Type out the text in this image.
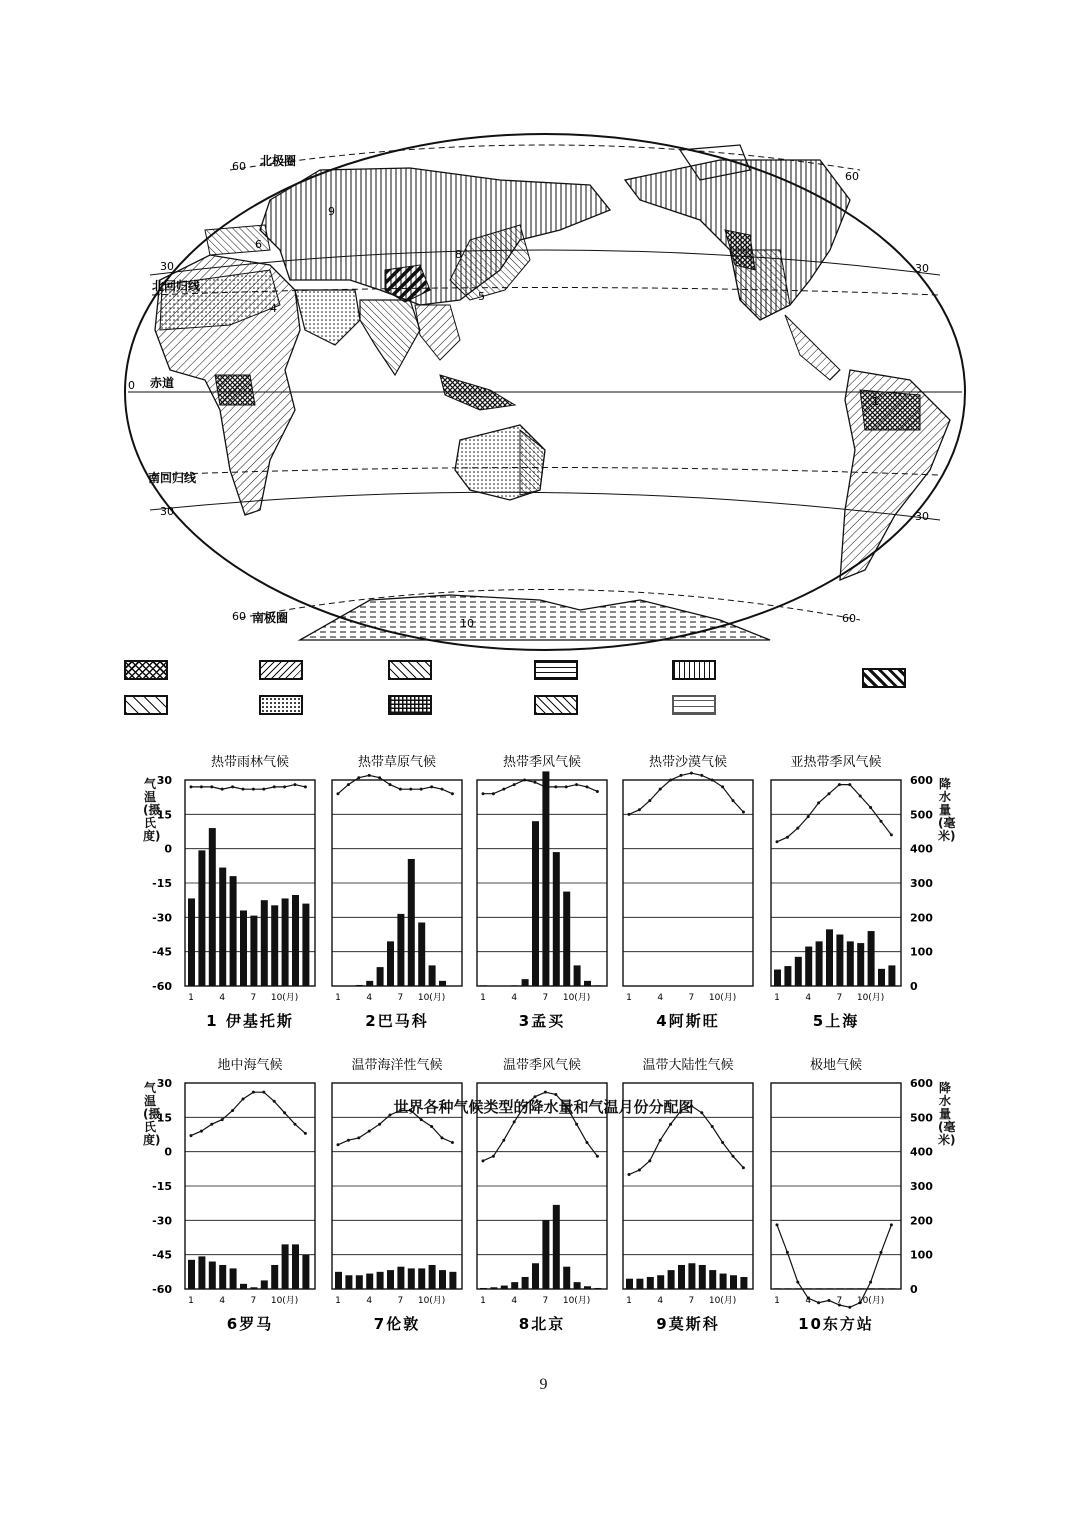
北极圈
北回归线
赤道
南回归线
南极圈
30	30
30	30
60
60
60	60
0
1
4
5
6
8
9
10
热带雨林气候
1	4	7 10(月)
1 伊基托斯
热带草原气候
1	4	7 10(月)
2巴马科
热带季风气候
1	4	7 10(月)
3孟买
热带沙漠气候
1	4	7 10(月)
4阿斯旺
亚热带季风气候
1	4	7 10(月)
5上海
地中海气候
1	4	7 10(月)
6罗马
温带海洋性气候
1	4	7 10(月)
7伦敦
温带季风气候
1	4	7 10(月)
8北京
温带大陆性气候
1	4	7 10(月)
9莫斯科
极地气候
1	4	7 10(月)
10东方站
30
15
0
-15
-30
-45
-60
600
500
400
300
200
100
0
30
15
0
-15
-30
-45
-60
600
500
400
300
200
100
0
气温(摄氏度)
降水量(毫米)
气温(摄氏度)
降水量(毫米)
世界各种气候类型的降水量和气温月份分配图
9
